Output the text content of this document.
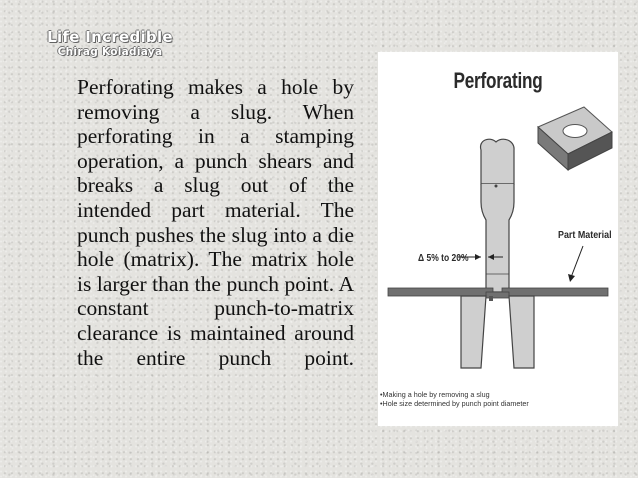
Life Incredible
Chirag Koladiaya

Perforating makes a hole by removing a slug. When perforating in a stamping operation, a punch shears and breaks a slug out of the intended part material. The punch pushes the slug into a die hole (matrix). The matrix hole is larger than the punch point. A constant punch-to-matrix clearance is maintained around the entire punch point.

Perforating
Part Material
Δ 5% to 20%
• Making a hole by removing a slug
• Hole size determined by punch point diameter
